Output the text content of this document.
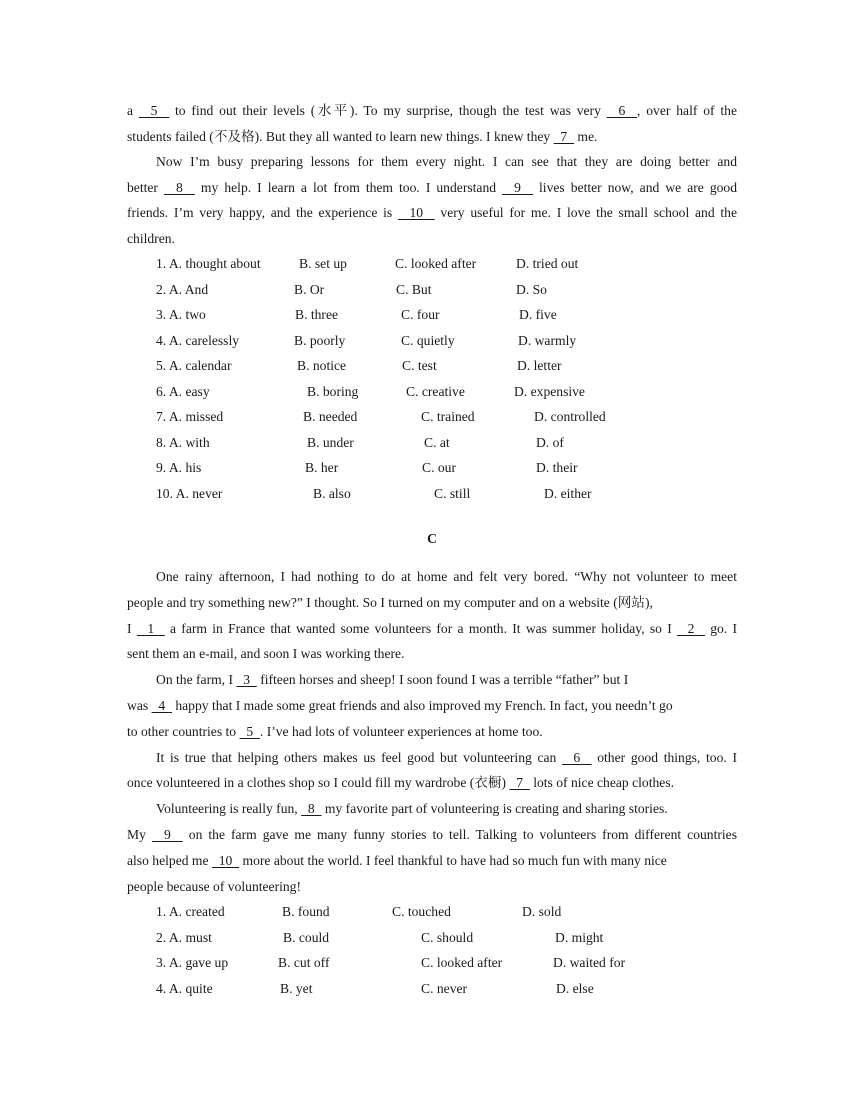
a   5   to find out their levels (水平). To my surprise, though the test was very   6  , over half of the
students failed (不及格). But they all wanted to learn new things. I knew they   7   me.
Now I’m busy preparing lessons for them every night. I can see that they are doing better and
better   8   my help. I learn a lot from them too. I understand   9   lives better now, and we are good
friends. I’m very happy, and the experience is   10   very useful for me. I love the small school and the
children.
1. A. thought about	B. set up	C. looked after	D. tried out
2. A. And	B. Or	C. But	D. So
3. A. two	B. three	C. four	D. five
4. A. carelessly	B. poorly	C. quietly	D. warmly
5. A. calendar	B. notice	C. test	D. letter
6. A. easy	B. boring	C. creative	D. expensive
7. A. missed	B. needed	C. trained	D. controlled
8. A. with	B. under	C. at	D. of
9. A. his	B. her	C. our	D. their
10. A. never	B. also	C. still	D. either
C
One rainy afternoon, I had nothing to do at home and felt very bored. “Why not volunteer to meet
people and try something new?” I thought. So I turned on my computer and on a website (网站),
I   1   a farm in France that wanted some volunteers for a month. It was summer holiday, so I   2   go. I
sent them an e-mail, and soon I was working there.
On the farm, I   3   fifteen horses and sheep! I soon found I was a terrible “father” but I
was   4   happy that I made some great friends and also improved my French. In fact, you needn’t go
to other countries to   5  . I’ve had lots of volunteer experiences at home too.
It is true that helping others makes us feel good but volunteering can   6   other good things, too. I
once volunteered in a clothes shop so I could fill my wardrobe (衣橱)   7   lots of nice cheap clothes.
Volunteering is really fun,   8   my favorite part of volunteering is creating and sharing stories.
My   9   on the farm gave me many funny stories to tell. Talking to volunteers from different countries
also helped me   10   more about the world. I feel thankful to have had so much fun with many nice
people because of volunteering!
1. A. created	B. found	C. touched	D. sold
2. A. must	B. could	C. should	D. might
3. A. gave up	B. cut off	C. looked after	D. waited for
4. A. quite	B. yet	C. never	D. else
